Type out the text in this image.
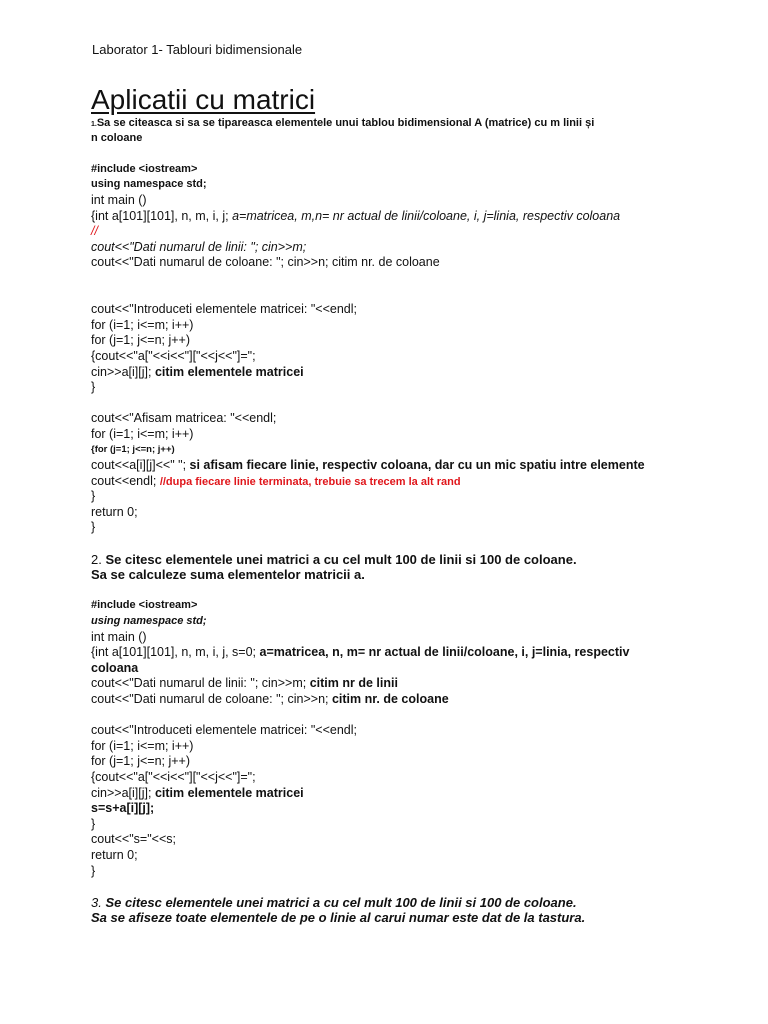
Laborator 1- Tablouri bidimensionale
Aplicatii cu matrici
1.Sa se citeasca si sa se tipareasca elementele unui tablou bidimensional A (matrice) cu m linii și
n coloane
#include <iostream>
using namespace std;
int main ()
{int a[101][101], n, m, i, j; a=matricea, m,n= nr actual de linii/coloane, i, j=linia, respectiv coloana
//
cout<<"Dati numarul de linii: "; cin>>m;
cout<<"Dati numarul de coloane: "; cin>>n; citim nr. de coloane
cout<<"Introduceti elementele matricei: "<<endl;
for (i=1; i<=m; i++)
for (j=1; j<=n; j++)
{cout<<"a["<<i<<"]["<<j<<"]=";
cin>>a[i][j]; citim elementele matricei
}
cout<<"Afisam matricea: "<<endl;
for (i=1; i<=m; i++)
{for (j=1; j<=n; j++)
cout<<a[i][j]<<" "; si afisam fiecare linie, respectiv coloana, dar cu un mic spatiu intre elemente
cout<<endl; //dupa fiecare linie terminata, trebuie sa trecem la alt rand
}
return 0;
}
2. Se citesc elementele unei matrici a cu cel mult 100 de linii si 100 de coloane.
Sa se calculeze suma elementelor matricii a.
#include <iostream>
using namespace std;
int main ()
{int a[101][101], n, m, i, j, s=0; a=matricea, n, m= nr actual de linii/coloane, i, j=linia, respectiv
coloana
cout<<"Dati numarul de linii: "; cin>>m; citim nr de linii
cout<<"Dati numarul de coloane: "; cin>>n; citim nr. de coloane
cout<<"Introduceti elementele matricei: "<<endl;
for (i=1; i<=m; i++)
for (j=1; j<=n; j++)
{cout<<"a["<<i<<"]["<<j<<"]=";
cin>>a[i][j]; citim elementele matricei
s=s+a[i][j];
}
cout<<"s="<<s;
return 0;
}
3. Se citesc elementele unei matrici a cu cel mult 100 de linii si 100 de coloane.
Sa se afiseze toate elementele de pe o linie al carui numar este dat de la tastura.
